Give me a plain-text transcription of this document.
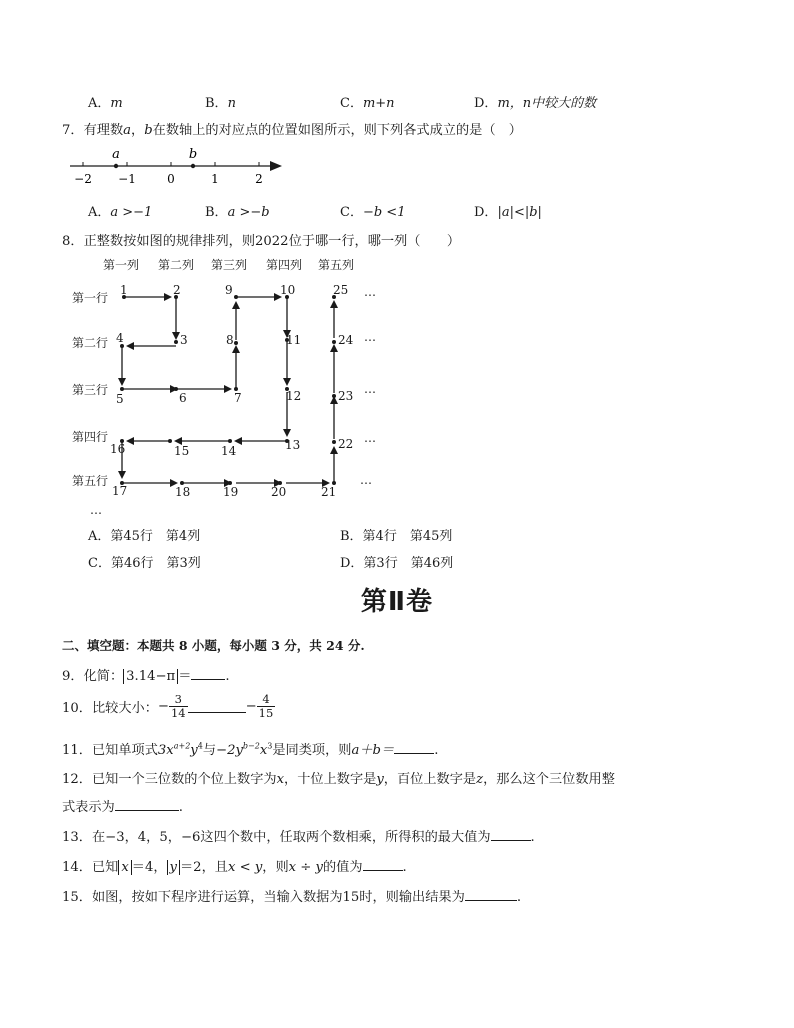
A．m	B．n	C．m+n	D．m，n中较大的数
7．有理数a，b在数轴上的对应点的位置如图所示，则下列各式成立的是（　）
a	b
−2 −1	0	1	2
A．a >−1	B．a >−b	C．−b <1	D．|a|<|b|
8．正整数按如图的规律排列，则2022位于哪一行，哪一列（　　）
第一列 第二列 第三列 第四列 第五列
第一行
第二行
第三行
第四行
第五行
1	2
3
4
5	6	7
8
9	10
11
12
13
14
15
16
17	18	19	20	21
22
23
24
25 …
…
…
…
…
…
A．第45行　第4列	B．第4行　第45列
C．第46行　第3列	D．第3行　第46列
第Ⅱ卷
二、填空题：本题共 8 小题，每小题 3 分，共 24 分.
9．化简： 3.14−π ＝	.
10．比较大小：− $\frac{3}{14}$	− $\frac{4}{15}$
11．已知单项式$3x^{a+2}y^4$与$-2y^{b-2}x^3$是同类项，则a＋b＝	.
12．已知一个三位数的个位上数字为x，十位上数字是y，百位上数字是z，那么这个三位数用整
式表示为	.
13．在−3，4，5，−6这四个数中，任取两个数相乘，所得积的最大值为	.
14．已知 x ＝4， y ＝2，且x < y，则x ÷ y的值为	.
15．如图，按如下程序进行运算，当输入数据为15时，则输出结果为	.
